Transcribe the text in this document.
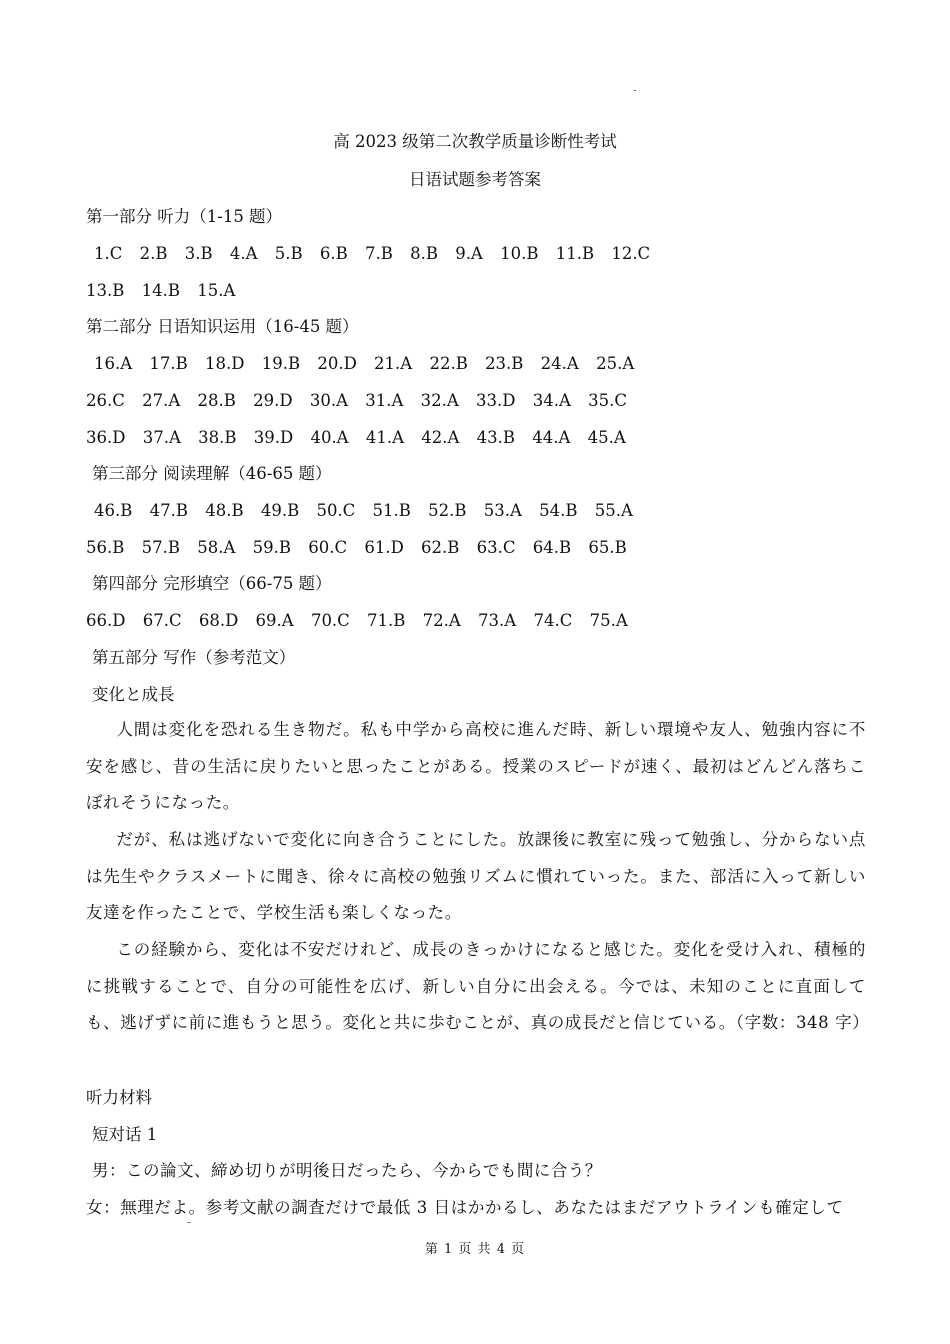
高 2023 级第二次教学质量诊断性考试
日语试题参考答案
第一部分 听力（1-15 题）
1.C 2.B 3.B 4.A 5.B 6.B 7.B 8.B 9.A 10.B 11.B 12.C
13.B 14.B 15.A
第二部分 日语知识运用（16-45 题）
16.A 17.B 18.D 19.B 20.D 21.A 22.B 23.B 24.A 25.A
26.C 27.A 28.B 29.D 30.A 31.A 32.A 33.D 34.A 35.C
36.D 37.A 38.B 39.D 40.A 41.A 42.A 43.B 44.A 45.A
第三部分 阅读理解（46-65 题）
46.B 47.B 48.B 49.B 50.C 51.B 52.B 53.A 54.B 55.A
56.B 57.B 58.A 59.B 60.C 61.D 62.B 63.C 64.B 65.B
第四部分 完形填空（66-75 题）
66.D 67.C 68.D 69.A 70.C 71.B 72.A 73.A 74.C 75.A
第五部分 写作（参考范文）
变化と成長
人間は変化を恐れる生き物だ。私も中学から高校に進んだ時、新しい環境や友人、勉強内容に不安を感じ、昔の生活に戻りたいと思ったことがある。授業のスピードが速く、最初はどんどん落ちこぼれそうになった。
だが、私は逃げないで変化に向き合うことにした。放課後に教室に残って勉強し、分からない点は先生やクラスメートに聞き、徐々に高校の勉強リズムに慣れていった。また、部活に入って新しい友達を作ったことで、学校生活も楽しくなった。
この経験から、変化は不安だけれど、成長のきっかけになると感じた。変化を受け入れ、積極的に挑戦することで、自分の可能性を広げ、新しい自分に出会える。今では、未知のことに直面しても、逃げずに前に進もうと思う。変化と共に歩むことが、真の成長だと信じている。（字数：348 字）
听力材料
短对话 1
男：この論文、締め切りが明後日だったら、今からでも間に合う？
女：無理だよ。参考文献の調査だけで最低 3 日はかかるし、あなたはまだアウトラインも確定して
第 1 页 共 4 页
